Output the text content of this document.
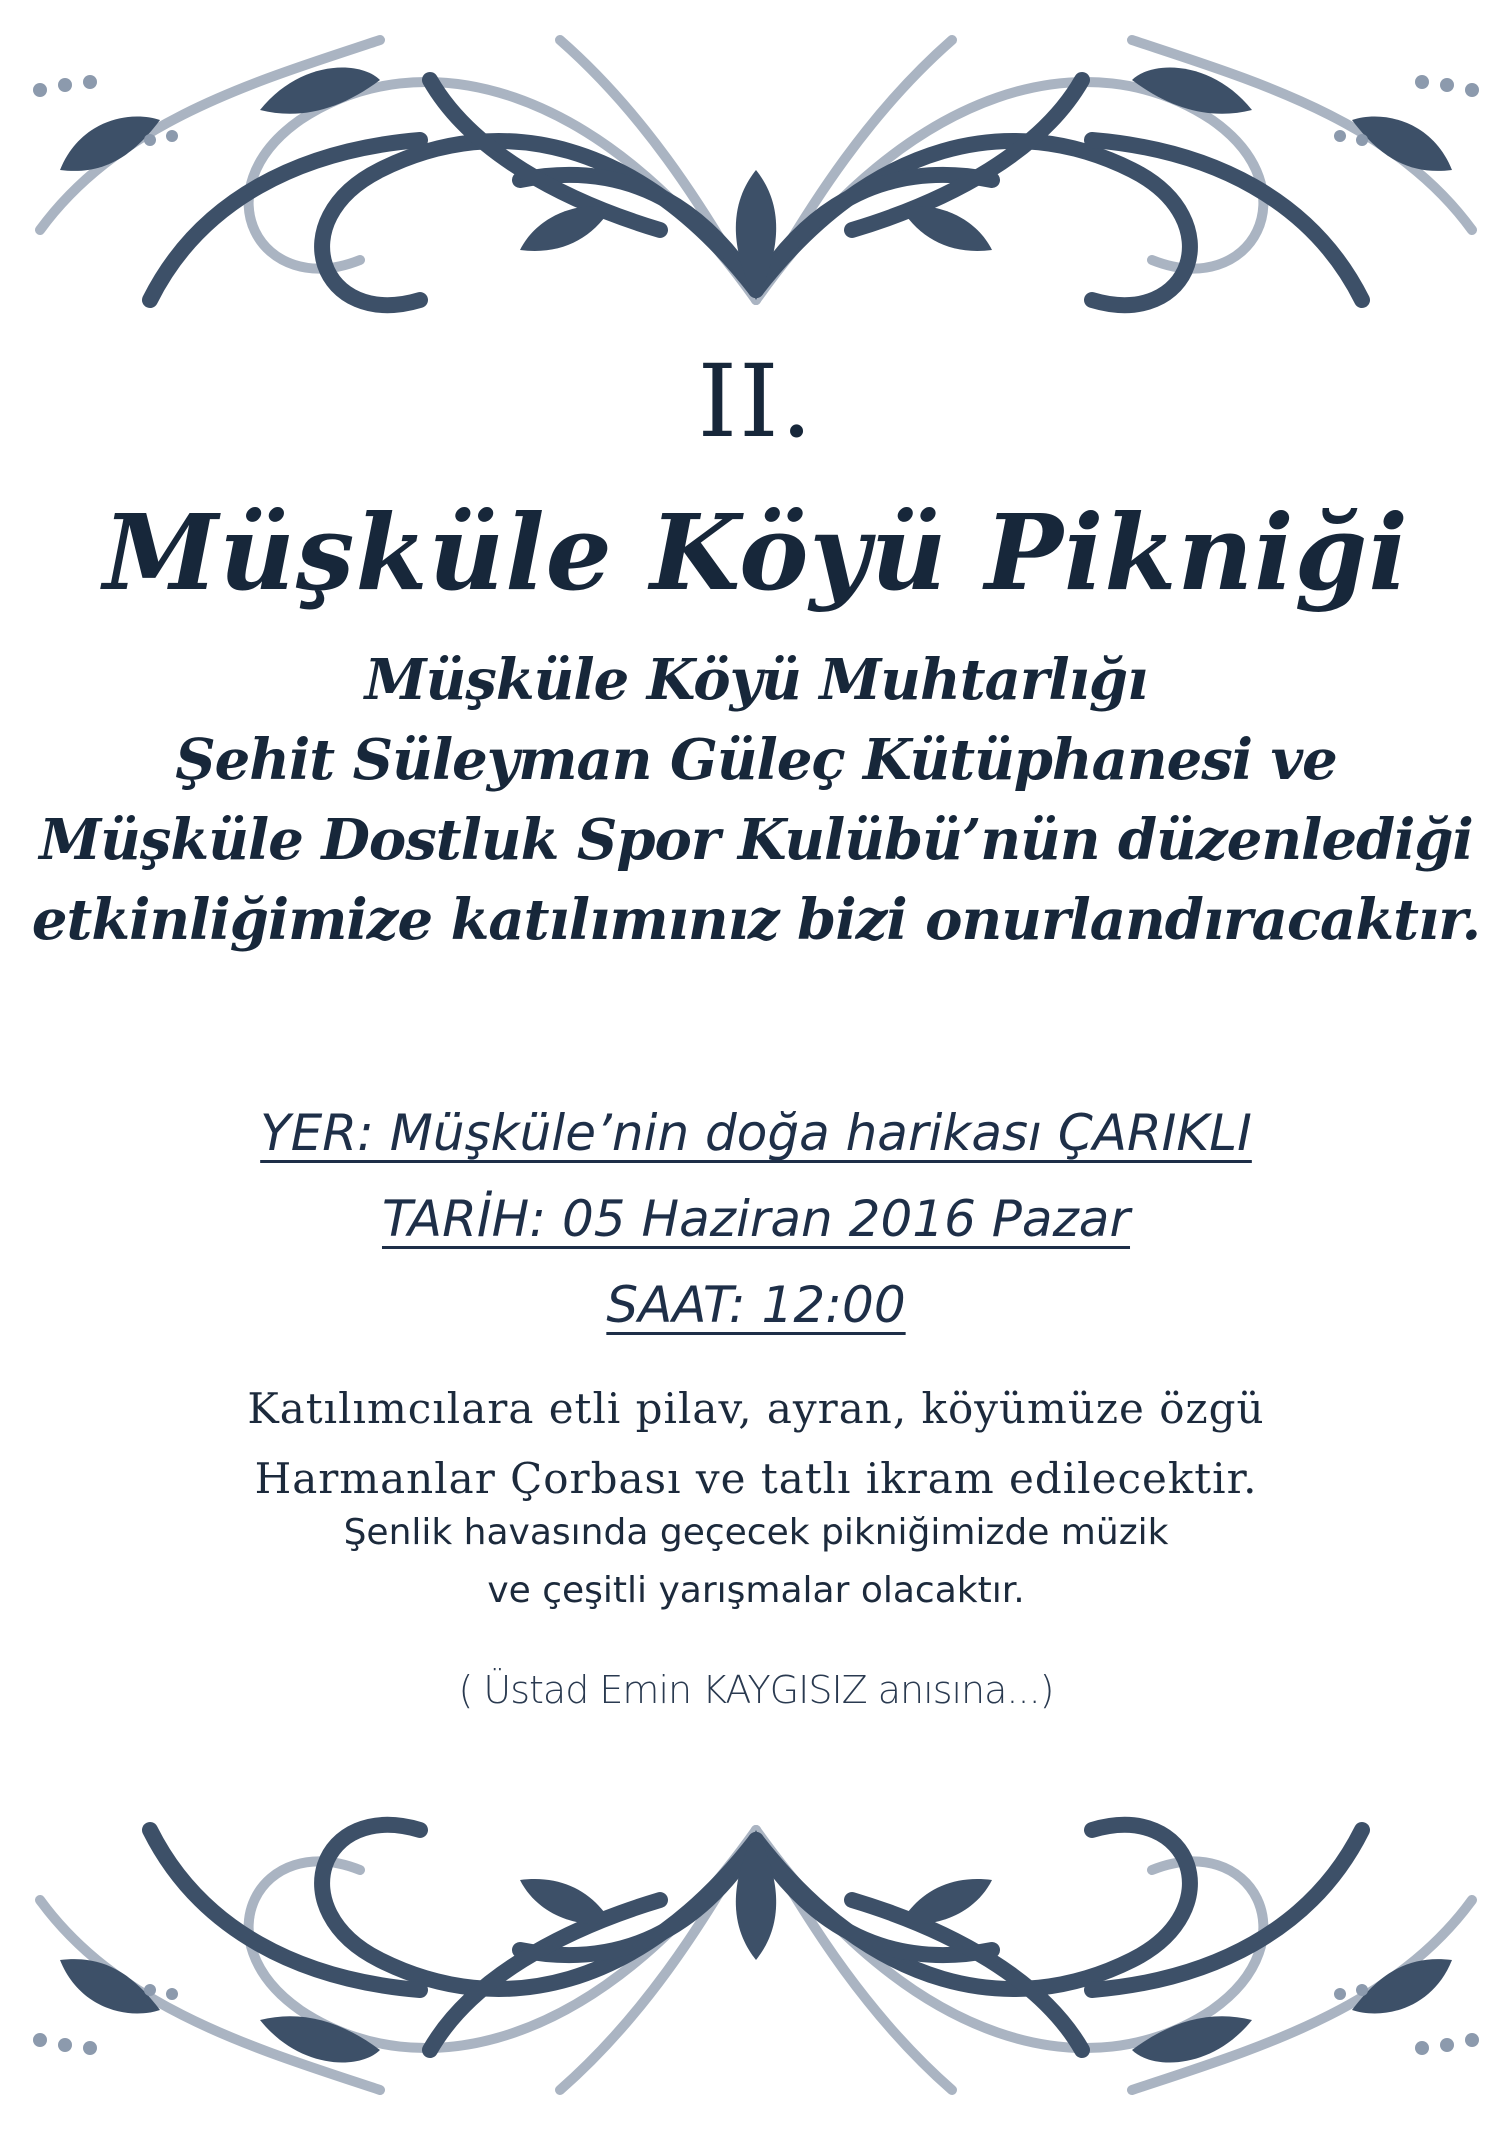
II.
Müşküle Köyü Pikniği
Müşküle Köyü Muhtarlığı
Şehit Süleyman Güleç Kütüphanesi ve
Müşküle Dostluk Spor Kulübü’nün düzenlediği
etkinliğimize katılımınız bizi onurlandıracaktır.
YER: Müşküle’nin doğa harikası ÇARIKLI
TARİH: 05 Haziran 2016 Pazar
SAAT: 12:00
Katılımcılara etli pilav, ayran, köyümüze özgü
Harmanlar Çorbası ve tatlı ikram edilecektir.
Şenlik havasında geçecek pikniğimizde müzik
ve çeşitli yarışmalar olacaktır.
( Üstad Emin KAYGISIZ anısına...)
